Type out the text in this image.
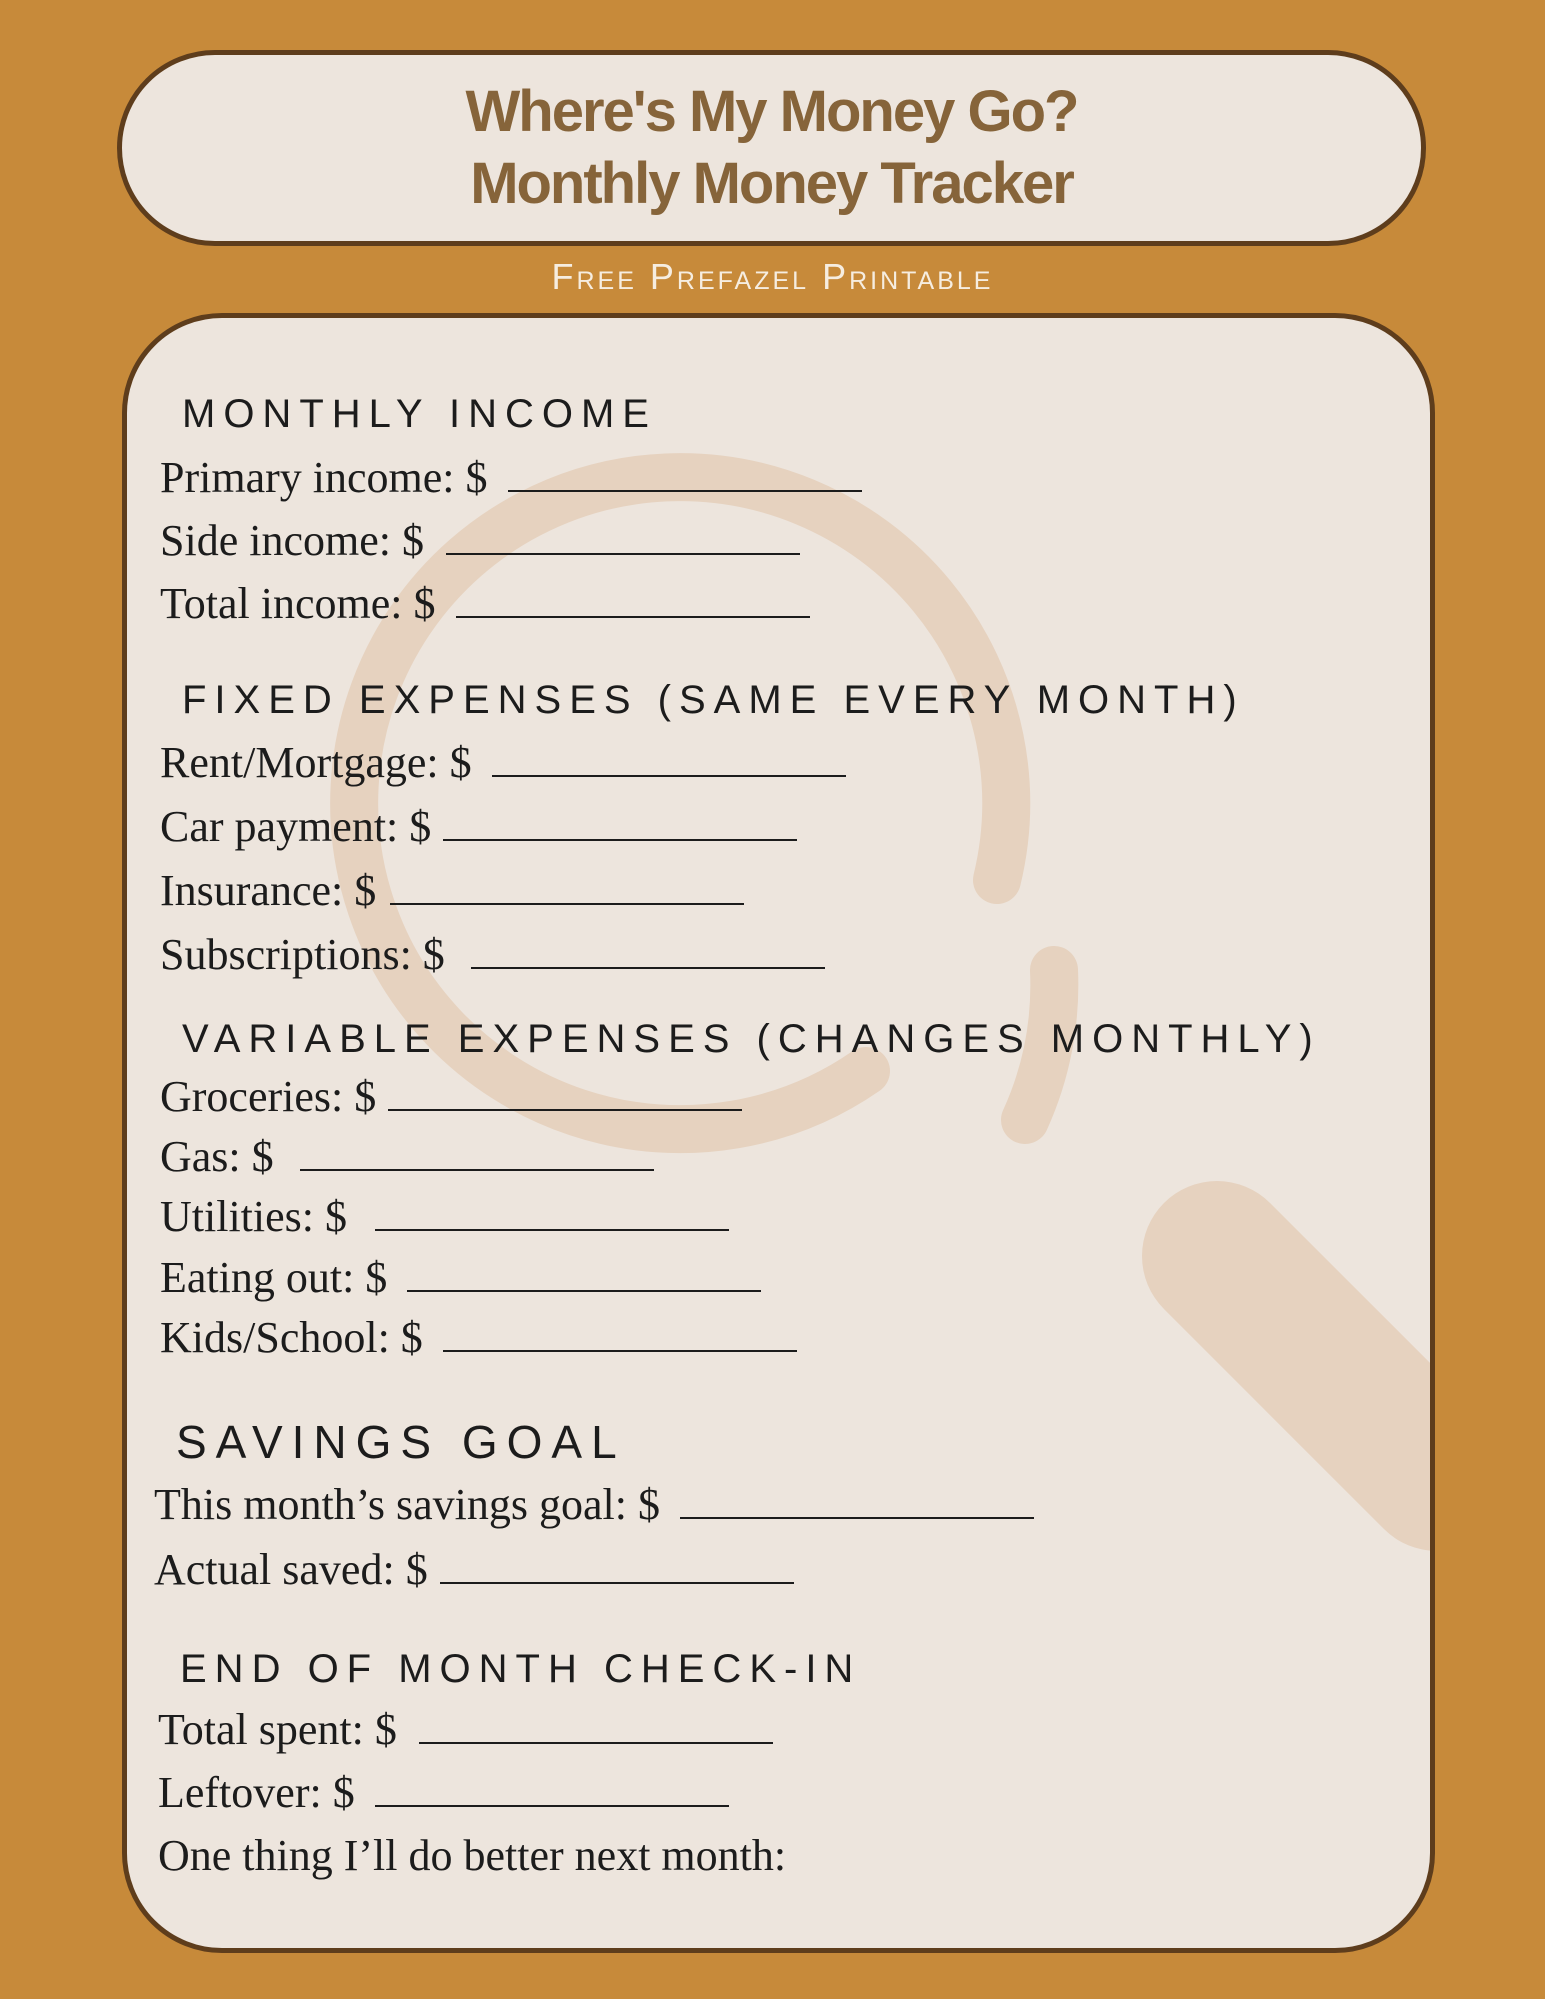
Where's My Money Go?
Monthly Money Tracker
Free Prefazel Printable
MONTHLY INCOME
Primary income: $
Side income: $
Total income: $
FIXED EXPENSES (SAME EVERY MONTH)
Rent/Mortgage: $
Car payment: $
Insurance: $
Subscriptions: $
VARIABLE EXPENSES (CHANGES MONTHLY)
Groceries: $
Gas: $
Utilities: $
Eating out: $
Kids/School: $
SAVINGS GOAL
This month’s savings goal: $
Actual saved: $
END OF MONTH CHECK-IN
Total spent: $
Leftover: $
One thing I’ll do better next month:
